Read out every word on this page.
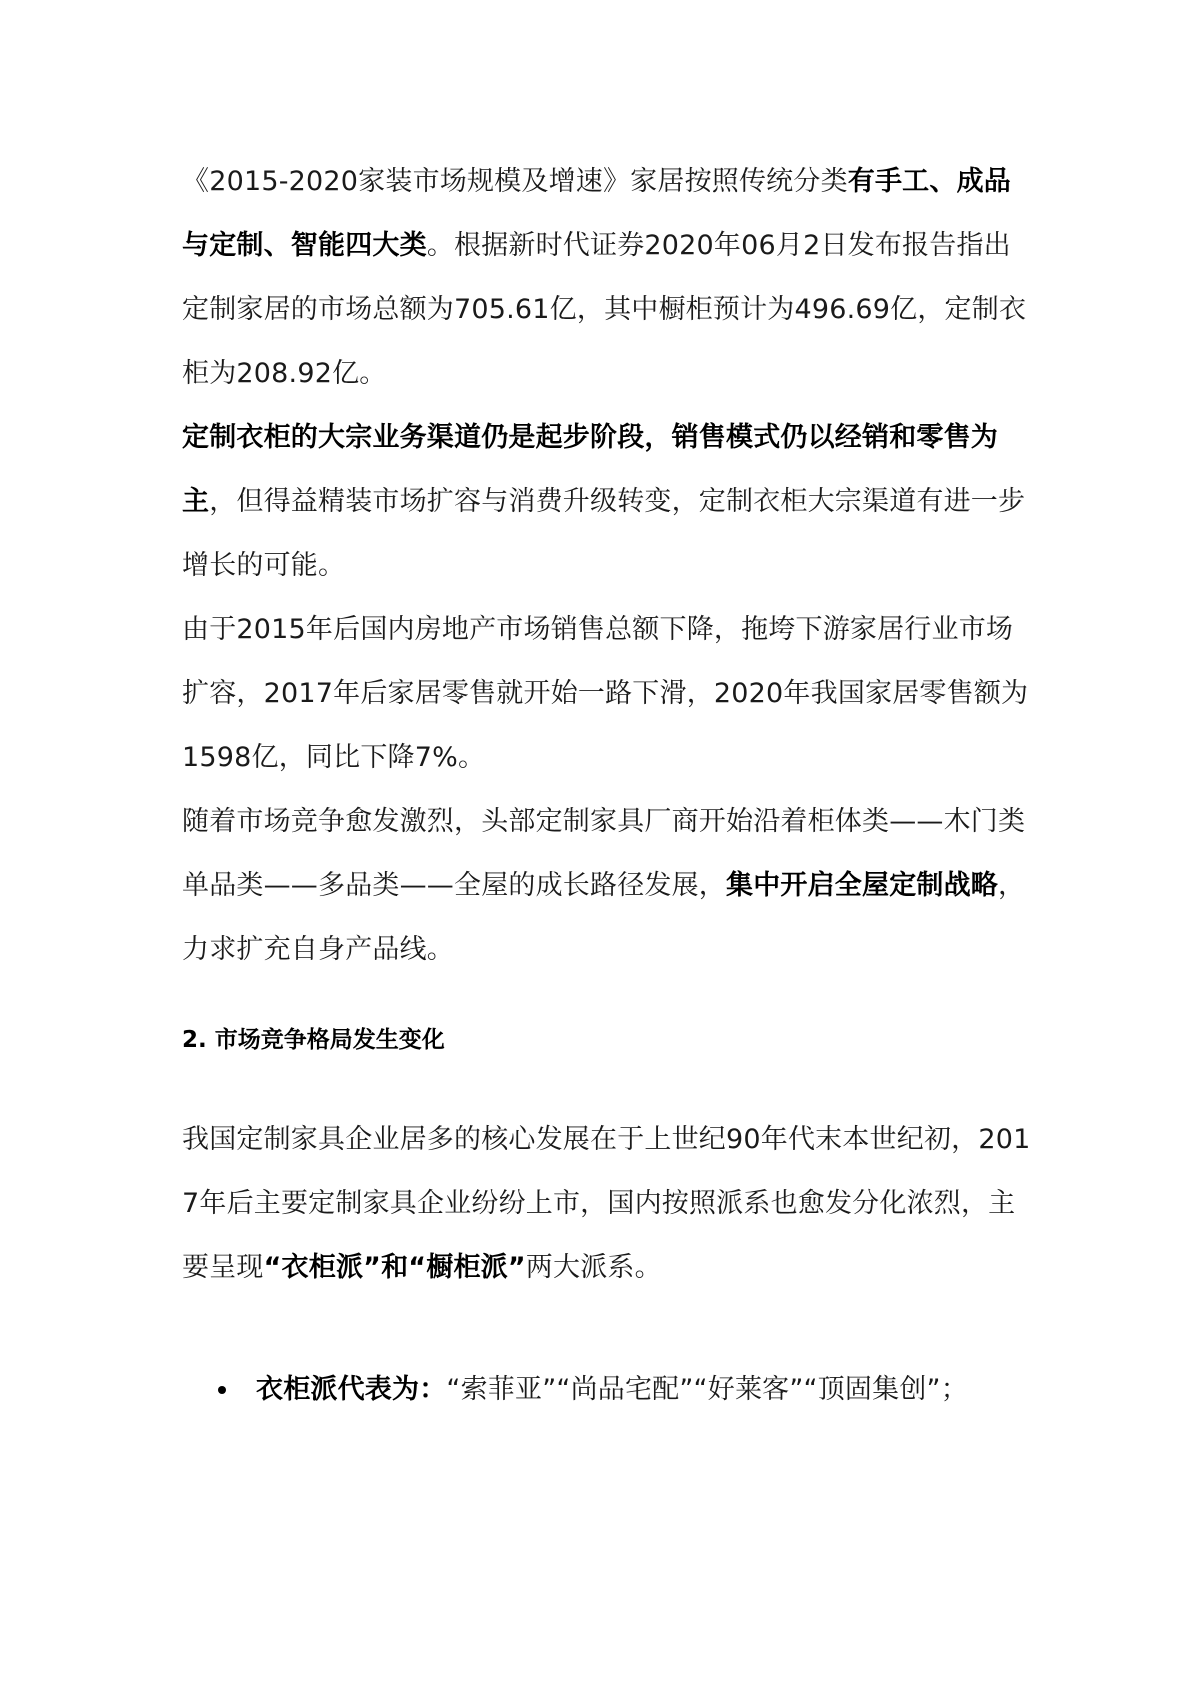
《2015-2020家装市场规模及增速》家居按照传统分类有手工、成品与定制、智能四大类。根据新时代证券2020年06月2日发布报告指出定制家居的市场总额为705.61亿，其中橱柜预计为496.69亿，定制衣柜为208.92亿。

定制衣柜的大宗业务渠道仍是起步阶段，销售模式仍以经销和零售为主，但得益精装市场扩容与消费升级转变，定制衣柜大宗渠道有进一步增长的可能。

由于2015年后国内房地产市场销售总额下降，拖垮下游家居行业市场扩容，2017年后家居零售就开始一路下滑，2020年我国家居零售额为1598亿，同比下降7%。

随着市场竞争愈发激烈，头部定制家具厂商开始沿着柜体类——木门类单品类——多品类——全屋的成长路径发展，集中开启全屋定制战略，力求扩充自身产品线。

2. 市场竞争格局发生变化

我国定制家具企业居多的核心发展在于上世纪90年代末本世纪初，2017年后主要定制家具企业纷纷上市，国内按照派系也愈发分化浓烈，主要呈现“衣柜派”和“橱柜派”两大派系。

衣柜派代表为：“索菲亚”“尚品宅配”“好莱客”“顶固集创”；
